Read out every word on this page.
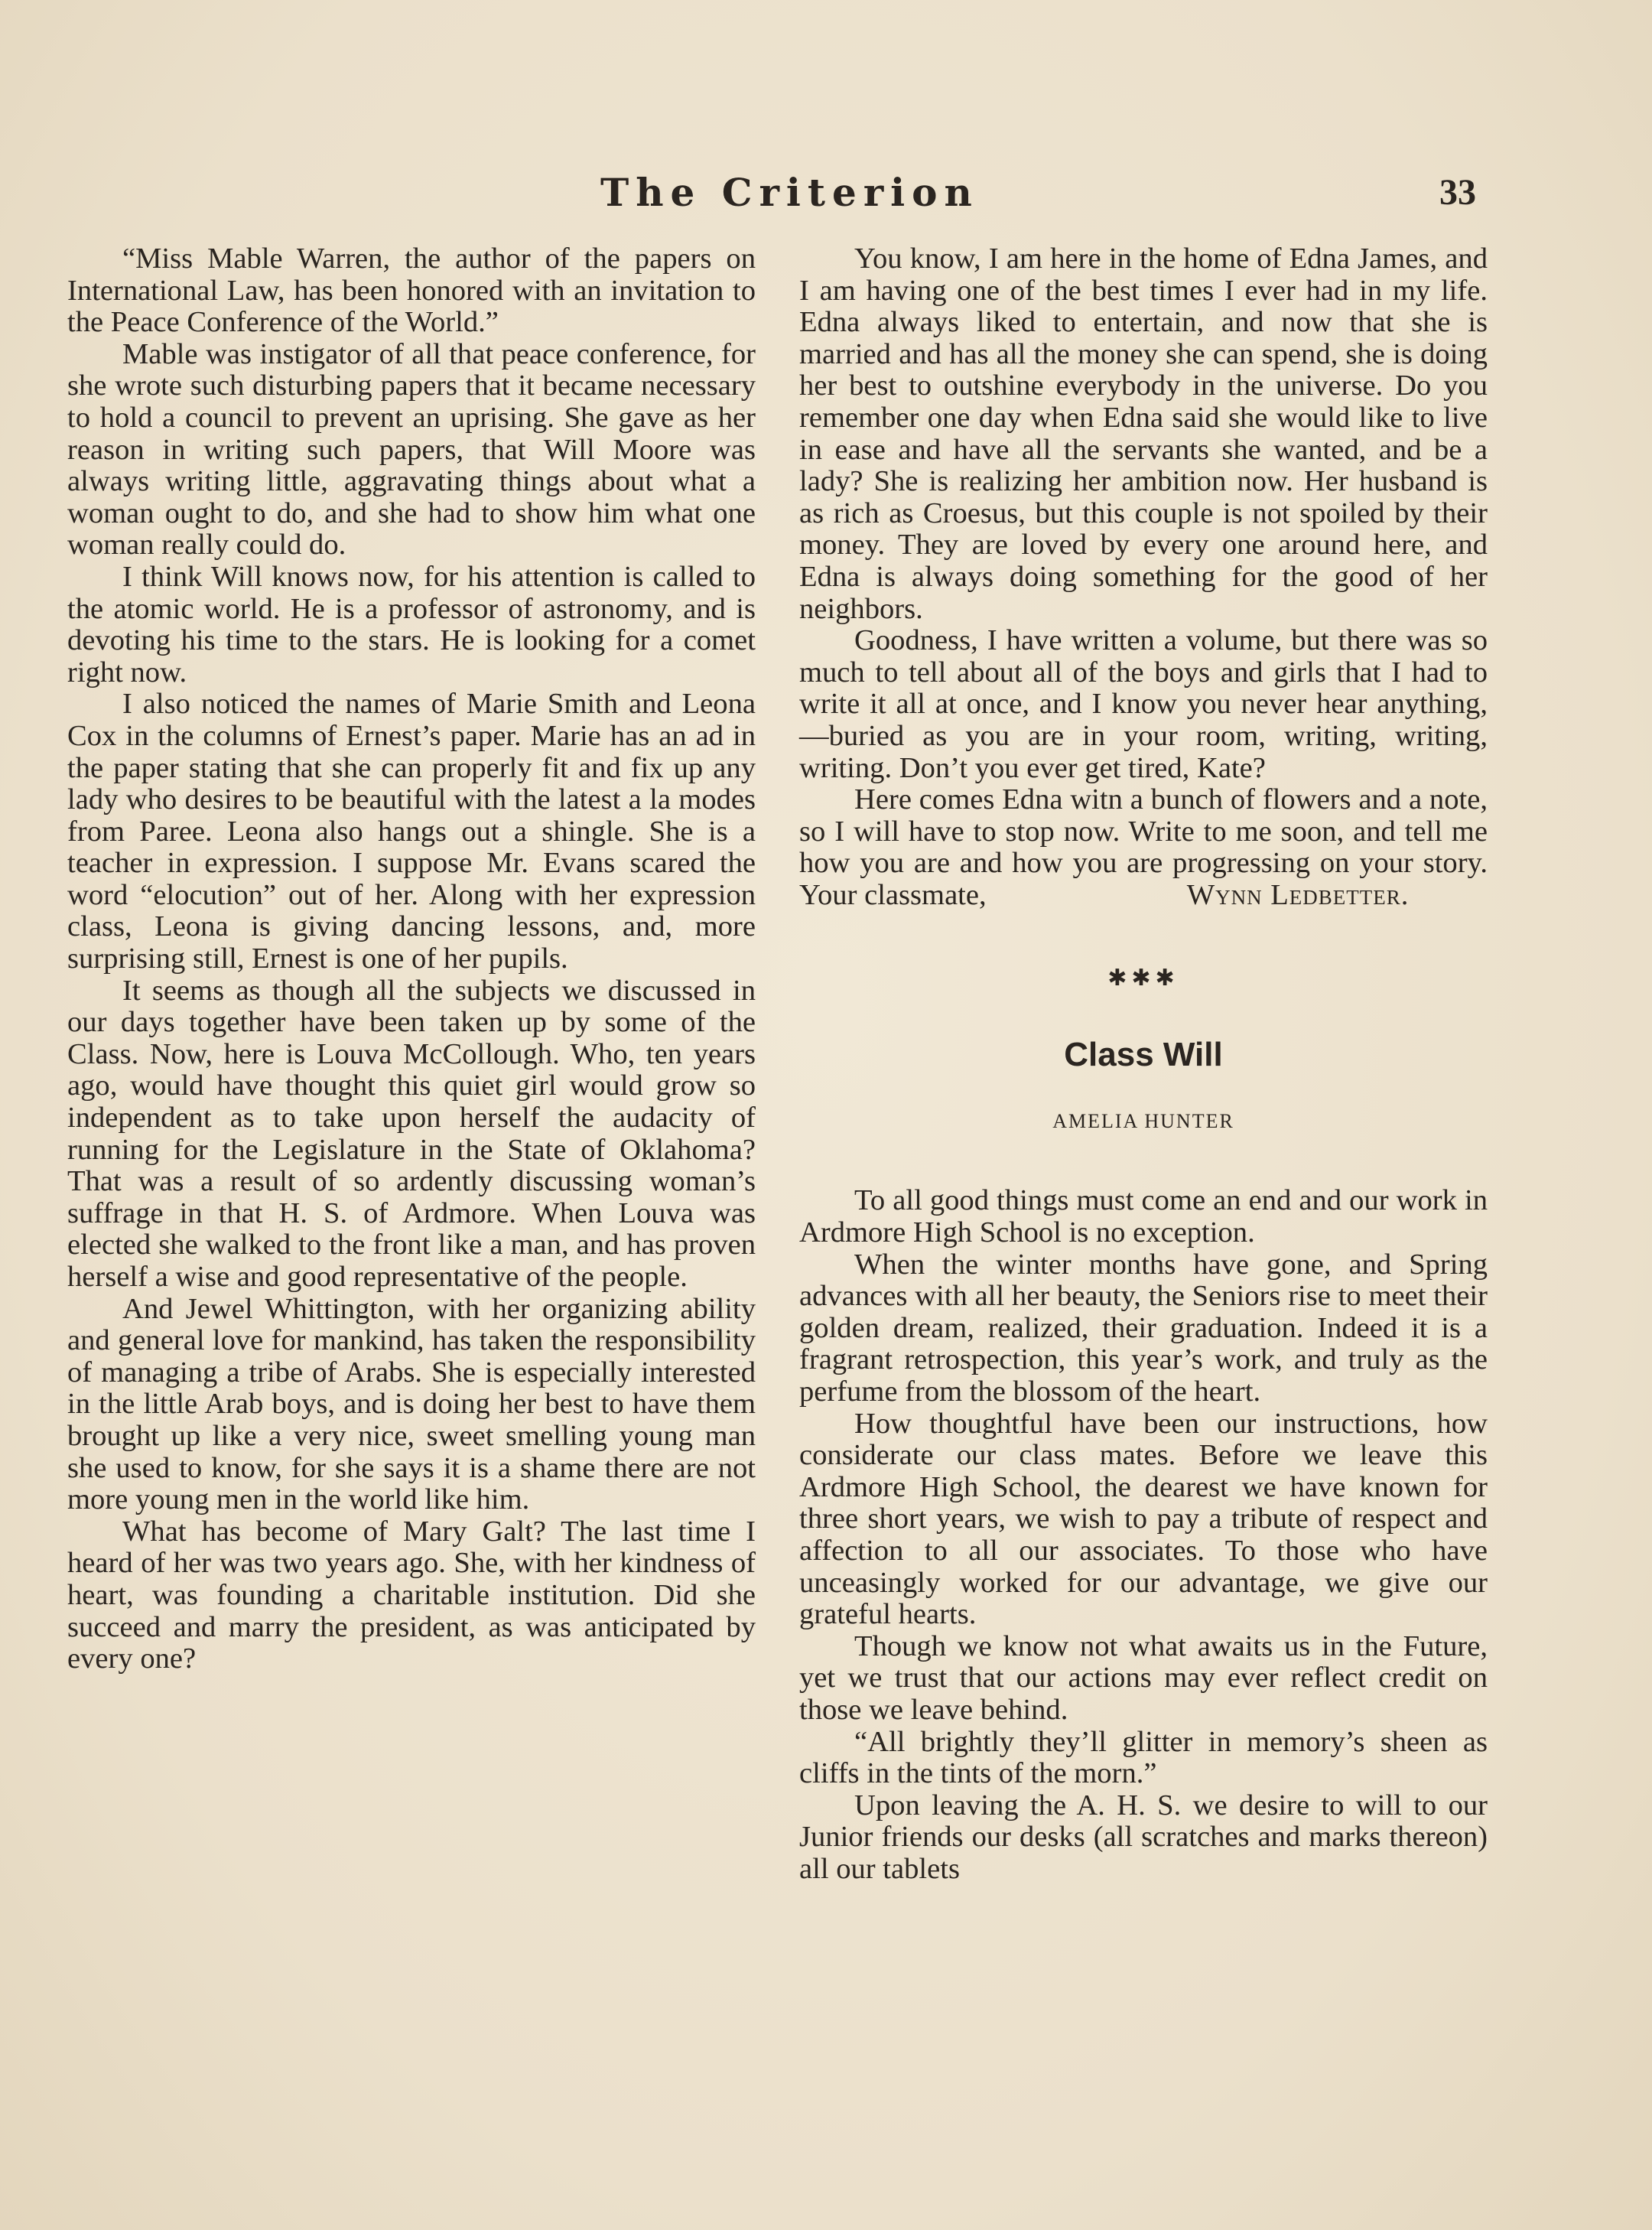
The Criterion	33

“Miss Mable Warren, the author of the papers on International Law, has been honored with an invitation to the Peace Conference of the World.”

Mable was instigator of all that peace conference, for she wrote such disturbing papers that it became necessary to hold a council to prevent an uprising. She gave as her reason in writing such papers, that Will Moore was always writing little, aggravating things about what a woman ought to do, and she had to show him what one woman really could do.

I think Will knows now, for his attention is called to the atomic world. He is a professor of astronomy, and is devoting his time to the stars. He is looking for a comet right now.

I also noticed the names of Marie Smith and Leona Cox in the columns of Ernest’s paper. Marie has an ad in the paper stating that she can properly fit and fix up any lady who desires to be beautiful with the latest a la modes from Paree. Leona also hangs out a shingle. She is a teacher in expression. I suppose Mr. Evans scared the word “elocution” out of her. Along with her expression class, Leona is giving dancing lessons, and, more surprising still, Ernest is one of her pupils.

It seems as though all the subjects we discussed in our days together have been taken up by some of the Class. Now, here is Louva McCollough. Who, ten years ago, would have thought this quiet girl would grow so independent as to take upon herself the audacity of running for the Legislature in the State of Oklahoma? That was a result of so ardently discussing woman’s suffrage in that H. S. of Ardmore. When Louva was elected she walked to the front like a man, and has proven herself a wise and good representative of the people.

And Jewel Whittington, with her organizing ability and general love for mankind, has taken the responsibility of managing a tribe of Arabs. She is especially interested in the little Arab boys, and is doing her best to have them brought up like a very nice, sweet smelling young man she used to know, for she says it is a shame there are not more young men in the world like him.

What has become of Mary Galt? The last time I heard of her was two years ago. She, with her kindness of heart, was founding a charitable institution. Did she succeed and marry the president, as was anticipated by every one?

You know, I am here in the home of Edna James, and I am having one of the best times I ever had in my life. Edna always liked to entertain, and now that she is married and has all the money she can spend, she is doing her best to outshine everybody in the universe. Do you remember one day when Edna said she would like to live in ease and have all the servants she wanted, and be a lady? She is realizing her ambition now. Her husband is as rich as Croesus, but this couple is not spoiled by their money. They are loved by every one around here, and Edna is always doing something for the good of her neighbors.

Goodness, I have written a volume, but there was so much to tell about all of the boys and girls that I had to write it all at once, and I know you never hear anything,—buried as you are in your room, writing, writing, writing. Don’t you ever get tired, Kate?

Here comes Edna witn a bunch of flowers and a note, so I will have to stop now. Write to me soon, and tell me how you are and how you are progressing on your story. Your classmate,	Wynn Ledbetter.

✱✱✱
Class Will
AMELIA HUNTER

To all good things must come an end and our work in Ardmore High School is no exception.

When the winter months have gone, and Spring advances with all her beauty, the Seniors rise to meet their golden dream, realized, their graduation. Indeed it is a fragrant retrospection, this year’s work, and truly as the perfume from the blossom of the heart.

How thoughtful have been our instructions, how considerate our class mates. Before we leave this Ardmore High School, the dearest we have known for three short years, we wish to pay a tribute of respect and affection to all our associates. To those who have unceasingly worked for our advantage, we give our grateful hearts.

Though we know not what awaits us in the Future, yet we trust that our actions may ever reflect credit on those we leave behind.

“All brightly they’ll glitter in memory’s sheen as cliffs in the tints of the morn.”

Upon leaving the A. H. S. we desire to will to our Junior friends our desks (all scratches and marks thereon) all our tablets
